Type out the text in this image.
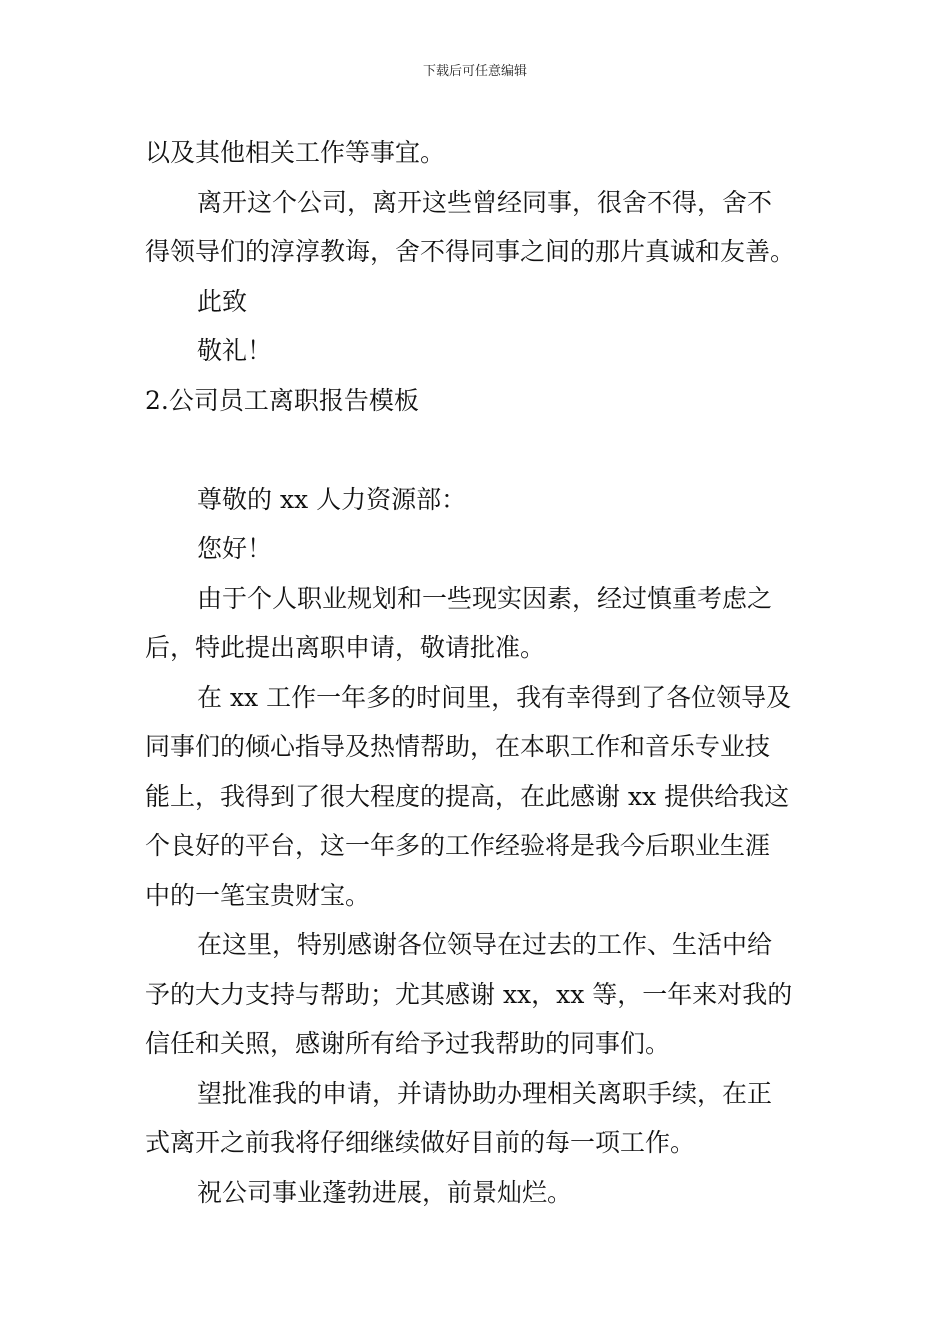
下载后可任意编辑
以及其他相关工作等事宜。
离开这个公司，离开这些曾经同事，很舍不得，舍不
得领导们的淳淳教诲，舍不得同事之间的那片真诚和友善。
此致
敬礼！
2.公司员工离职报告模板
尊敬的 xx 人力资源部：
您好！
由于个人职业规划和一些现实因素，经过慎重考虑之
后，特此提出离职申请，敬请批准。
在 xx 工作一年多的时间里，我有幸得到了各位领导及
同事们的倾心指导及热情帮助，在本职工作和音乐专业技
能上，我得到了很大程度的提高，在此感谢 xx 提供给我这
个良好的平台，这一年多的工作经验将是我今后职业生涯
中的一笔宝贵财宝。
在这里，特别感谢各位领导在过去的工作、生活中给
予的大力支持与帮助；尤其感谢 xx，xx 等，一年来对我的
信任和关照，感谢所有给予过我帮助的同事们。
望批准我的申请，并请协助办理相关离职手续，在正
式离开之前我将仔细继续做好目前的每一项工作。
祝公司事业蓬勃进展，前景灿烂。
